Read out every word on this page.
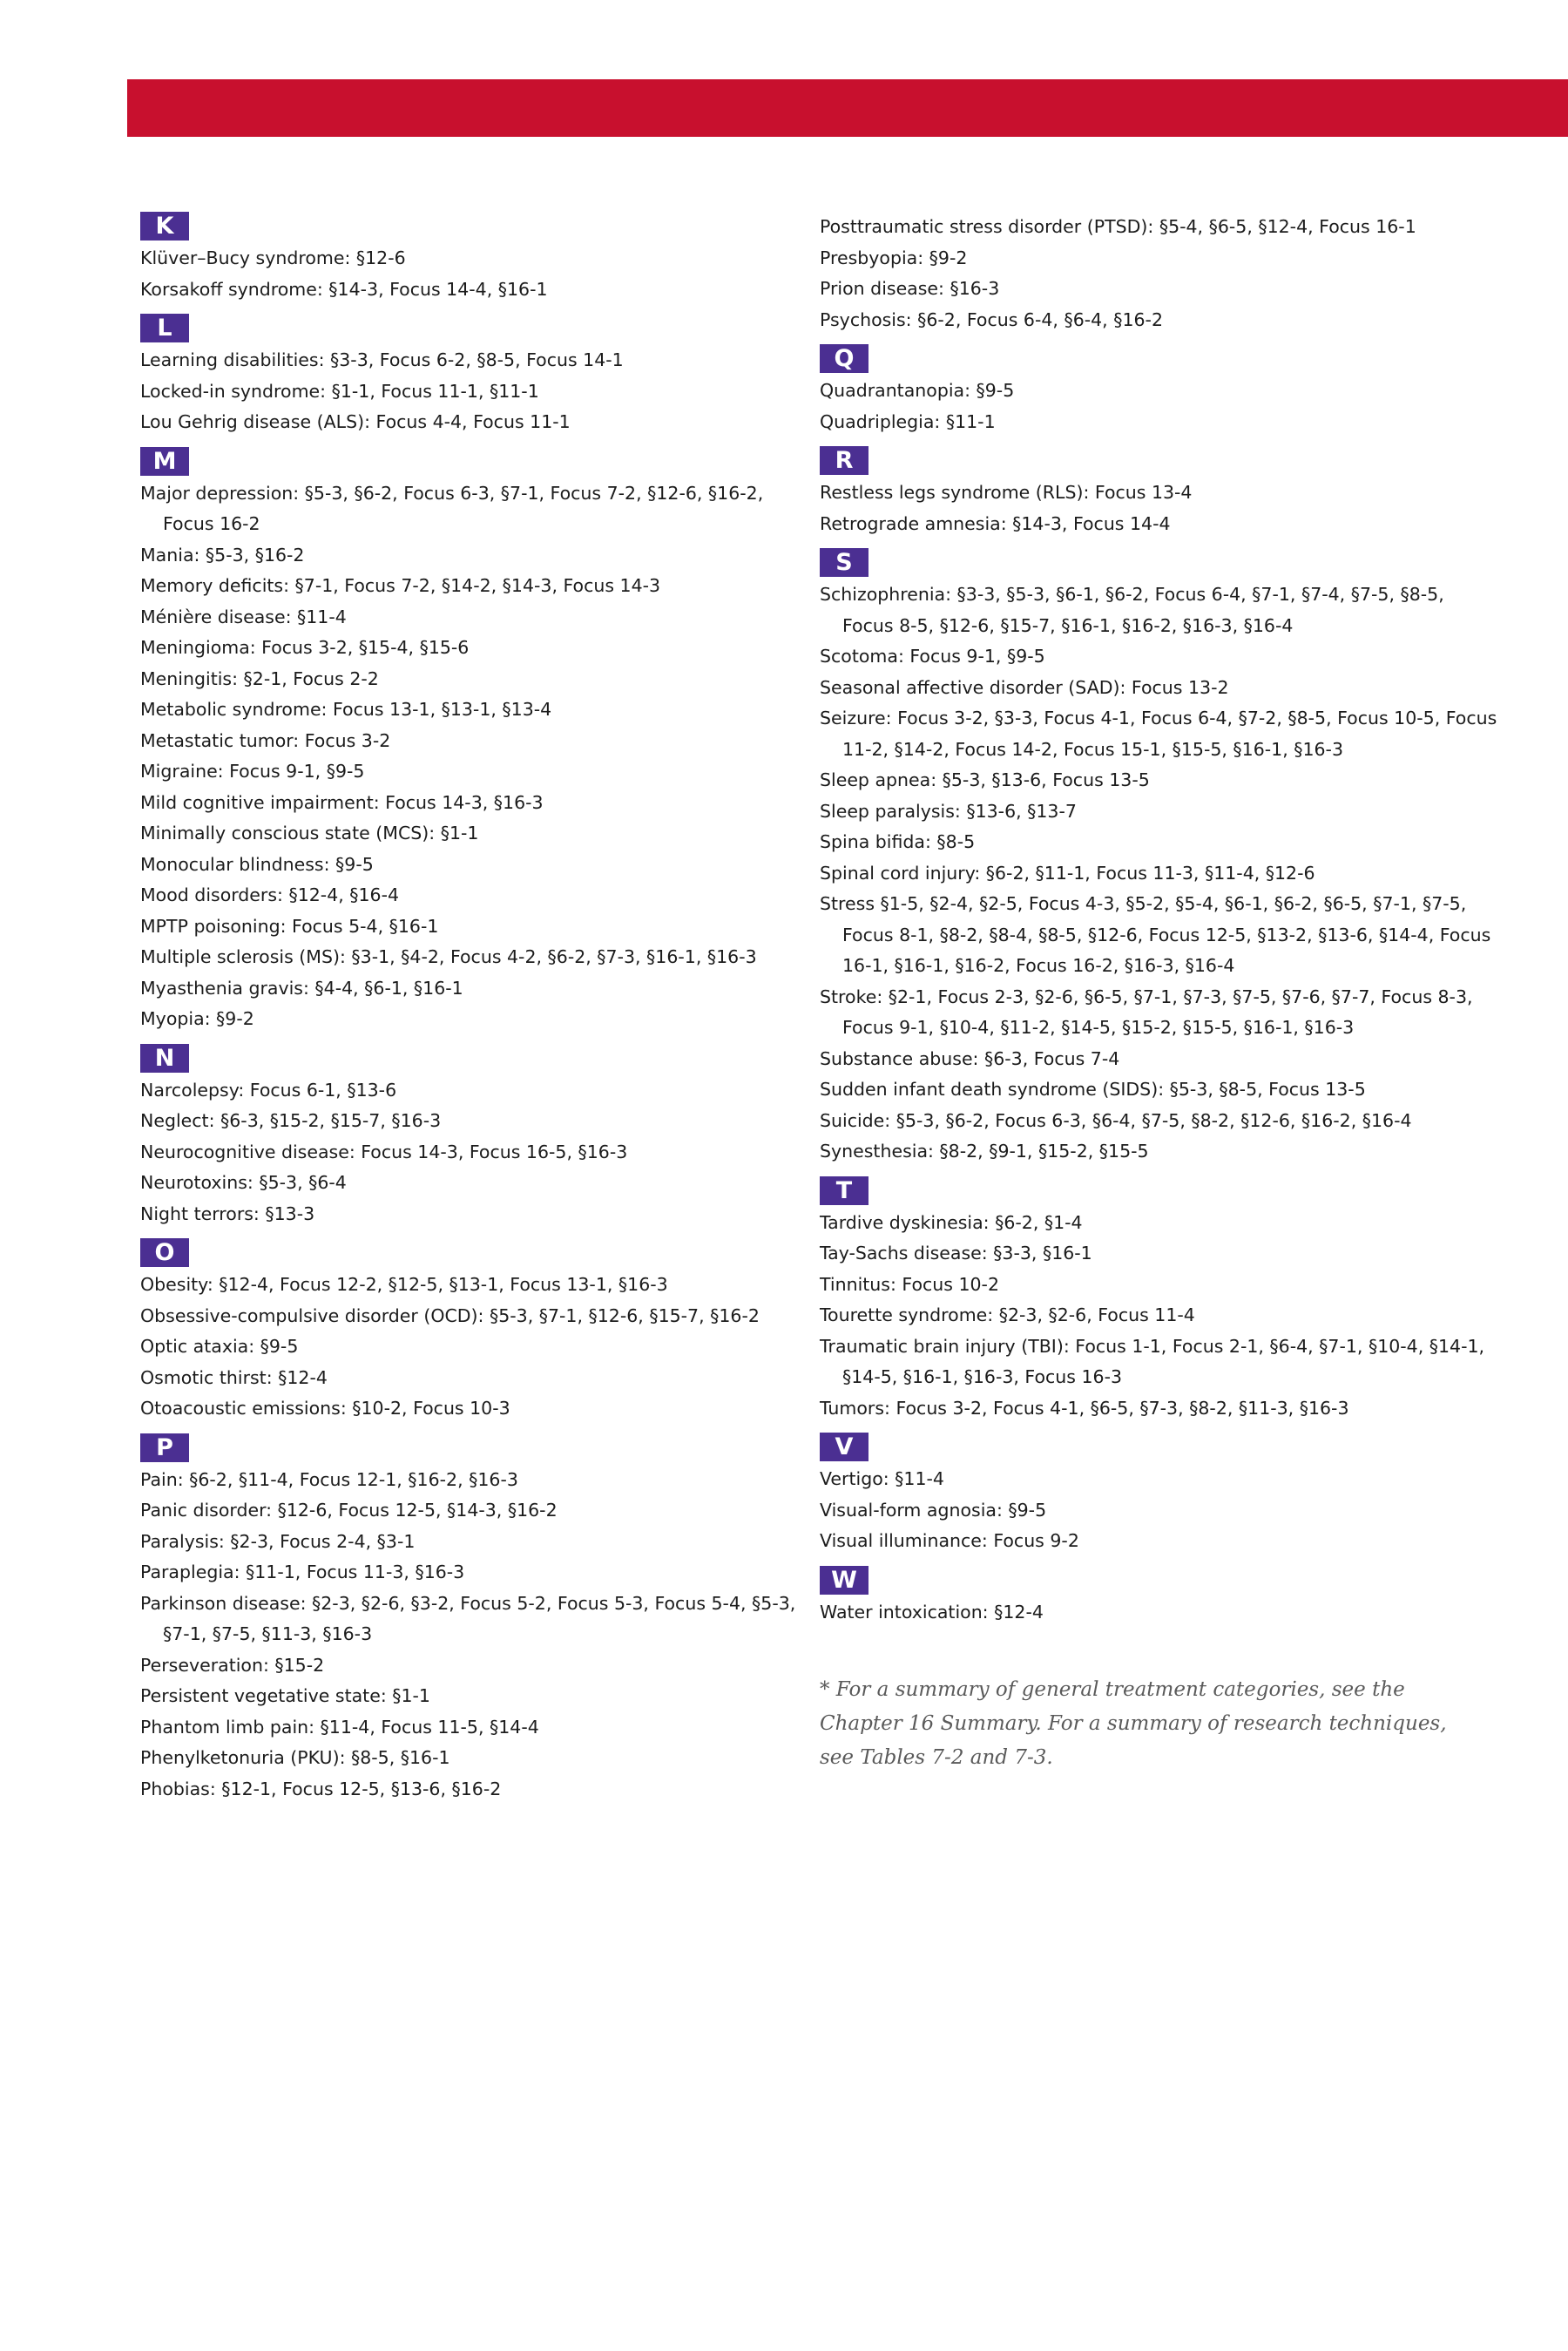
K
Klüver–Bucy syndrome: §12-6
Korsakoff syndrome: §14-3, Focus 14-4, §16-1
L
Learning disabilities: §3-3, Focus 6-2, §8-5, Focus 14-1
Locked-in syndrome: §1-1, Focus 11-1, §11-1
Lou Gehrig disease (ALS): Focus 4-4, Focus 11-1
M
Major depression: §5-3, §6-2, Focus 6-3, §7-1, Focus 7-2, §12-6, §16-2, Focus 16-2
Mania: §5-3, §16-2
Memory deficits: §7-1, Focus 7-2, §14-2, §14-3, Focus 14-3
Ménière disease: §11-4
Meningioma: Focus 3-2, §15-4, §15-6
Meningitis: §2-1, Focus 2-2
Metabolic syndrome: Focus 13-1, §13-1, §13-4
Metastatic tumor: Focus 3-2
Migraine: Focus 9-1, §9-5
Mild cognitive impairment: Focus 14-3, §16-3
Minimally conscious state (MCS): §1-1
Monocular blindness: §9-5
Mood disorders: §12-4, §16-4
MPTP poisoning: Focus 5-4, §16-1
Multiple sclerosis (MS): §3-1, §4-2, Focus 4-2, §6-2, §7-3, §16-1, §16-3
Myasthenia gravis: §4-4, §6-1, §16-1
Myopia: §9-2
N
Narcolepsy: Focus 6-1, §13-6
Neglect: §6-3, §15-2, §15-7, §16-3
Neurocognitive disease: Focus 14-3, Focus 16-5, §16-3
Neurotoxins: §5-3, §6-4
Night terrors: §13-3
O
Obesity: §12-4, Focus 12-2, §12-5, §13-1, Focus 13-1, §16-3
Obsessive-compulsive disorder (OCD): §5-3, §7-1, §12-6, §15-7, §16-2
Optic ataxia: §9-5
Osmotic thirst: §12-4
Otoacoustic emissions: §10-2, Focus 10-3
P
Pain: §6-2, §11-4, Focus 12-1, §16-2, §16-3
Panic disorder: §12-6, Focus 12-5, §14-3, §16-2
Paralysis: §2-3, Focus 2-4, §3-1
Paraplegia: §11-1, Focus 11-3, §16-3
Parkinson disease: §2-3, §2-6, §3-2, Focus 5-2, Focus 5-3, Focus 5-4, §5-3, §7-1, §7-5, §11-3, §16-3
Perseveration: §15-2
Persistent vegetative state: §1-1
Phantom limb pain: §11-4, Focus 11-5, §14-4
Phenylketonuria (PKU): §8-5, §16-1
Phobias: §12-1, Focus 12-5, §13-6, §16-2
Posttraumatic stress disorder (PTSD): §5-4, §6-5, §12-4, Focus 16-1
Presbyopia: §9-2
Prion disease: §16-3
Psychosis: §6-2, Focus 6-4, §6-4, §16-2
Q
Quadrantanopia: §9-5
Quadriplegia: §11-1
R
Restless legs syndrome (RLS): Focus 13-4
Retrograde amnesia: §14-3, Focus 14-4
S
Schizophrenia: §3-3, §5-3, §6-1, §6-2, Focus 6-4, §7-1, §7-4, §7-5, §8-5, Focus 8-5, §12-6, §15-7, §16-1, §16-2, §16-3, §16-4
Scotoma: Focus 9-1, §9-5
Seasonal affective disorder (SAD): Focus 13-2
Seizure: Focus 3-2, §3-3, Focus 4-1, Focus 6-4, §7-2, §8-5, Focus 10-5, Focus 11-2, §14-2, Focus 14-2, Focus 15-1, §15-5, §16-1, §16-3
Sleep apnea: §5-3, §13-6, Focus 13-5
Sleep paralysis: §13-6, §13-7
Spina bifida: §8-5
Spinal cord injury: §6-2, §11-1, Focus 11-3, §11-4, §12-6
Stress §1-5, §2-4, §2-5, Focus 4-3, §5-2, §5-4, §6-1, §6-2, §6-5, §7-1, §7-5, Focus 8-1, §8-2, §8-4, §8-5, §12-6, Focus 12-5, §13-2, §13-6, §14-4, Focus 16-1, §16-1, §16-2, Focus 16-2, §16-3, §16-4
Stroke: §2-1, Focus 2-3, §2-6, §6-5, §7-1, §7-3, §7-5, §7-6, §7-7, Focus 8-3, Focus 9-1, §10-4, §11-2, §14-5, §15-2, §15-5, §16-1, §16-3
Substance abuse: §6-3, Focus 7-4
Sudden infant death syndrome (SIDS): §5-3, §8-5, Focus 13-5
Suicide: §5-3, §6-2, Focus 6-3, §6-4, §7-5, §8-2, §12-6, §16-2, §16-4
Synesthesia: §8-2, §9-1, §15-2, §15-5
T
Tardive dyskinesia: §6-2, §1-4
Tay-Sachs disease: §3-3, §16-1
Tinnitus: Focus 10-2
Tourette syndrome: §2-3, §2-6, Focus 11-4
Traumatic brain injury (TBI): Focus 1-1, Focus 2-1, §6-4, §7-1, §10-4, §14-1, §14-5, §16-1, §16-3, Focus 16-3
Tumors: Focus 3-2, Focus 4-1, §6-5, §7-3, §8-2, §11-3, §16-3
V
Vertigo: §11-4
Visual-form agnosia: §9-5
Visual illuminance: Focus 9-2
W
Water intoxication: §12-4
* For a summary of general treatment categories, see the Chapter 16 Summary. For a summary of research techniques, see Tables 7-2 and 7-3.
